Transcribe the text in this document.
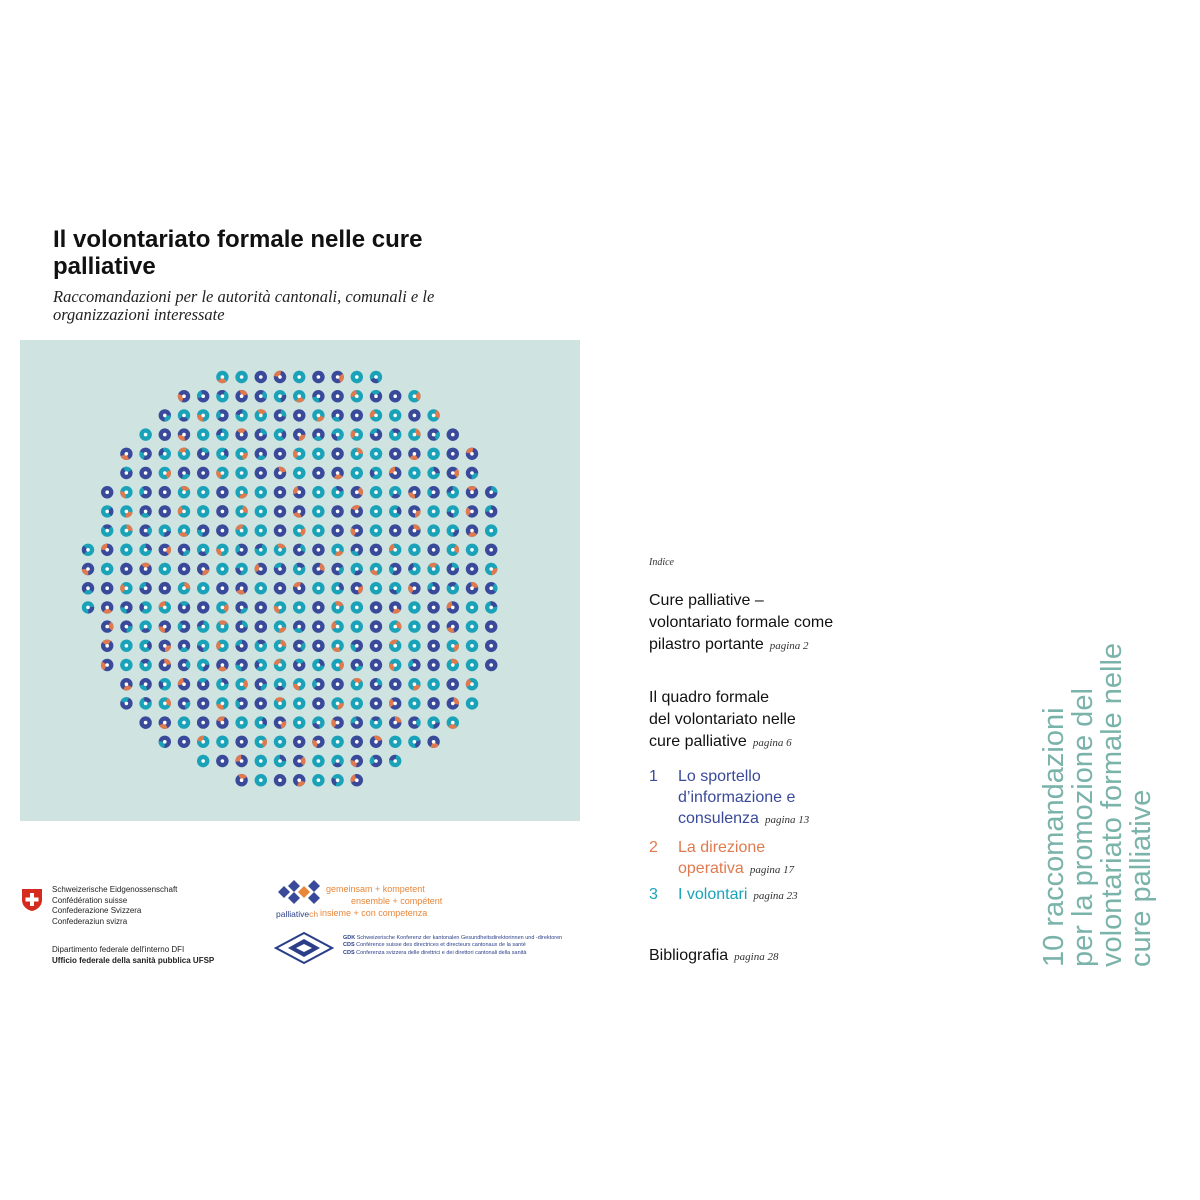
Il volontariato formale nelle cure palliative

Raccomandazioni per le autorità cantonali, comunali e le organizzazioni interessate

Schweizerische Eidgenossenschaft
Confédération suisse
Confederazione Svizzera
Confederaziun svizra
Dipartimento federale dell'interno DFI
Ufficio federale della sanità pubblica UFSP
palliativech
gemeinsam + kompetent
ensemble + compétent
insieme + con competenza
GDK Schweizerische Konferenz der kantonalen Gesundheitsdirektorinnen und -direktoren
CDS Conférence suisse des directrices et directeurs cantonaux de la santé
CDS Conferenza svizzera delle direttrici e dei direttori cantonali della sanità
Indice

Cure palliative –
volontariato formale come
pilastro portante pagina 2

Il quadro formale
del volontariato nelle
cure palliative pagina 6

1 Lo sportello
d’informazione e
consulenza pagina 13
2 La direzione
operativa pagina 17
3 I volontari pagina 23

Bibliografia pagina 28	10 raccomandazioni
per la promozione del
volontariato formale nelle
cure palliative
